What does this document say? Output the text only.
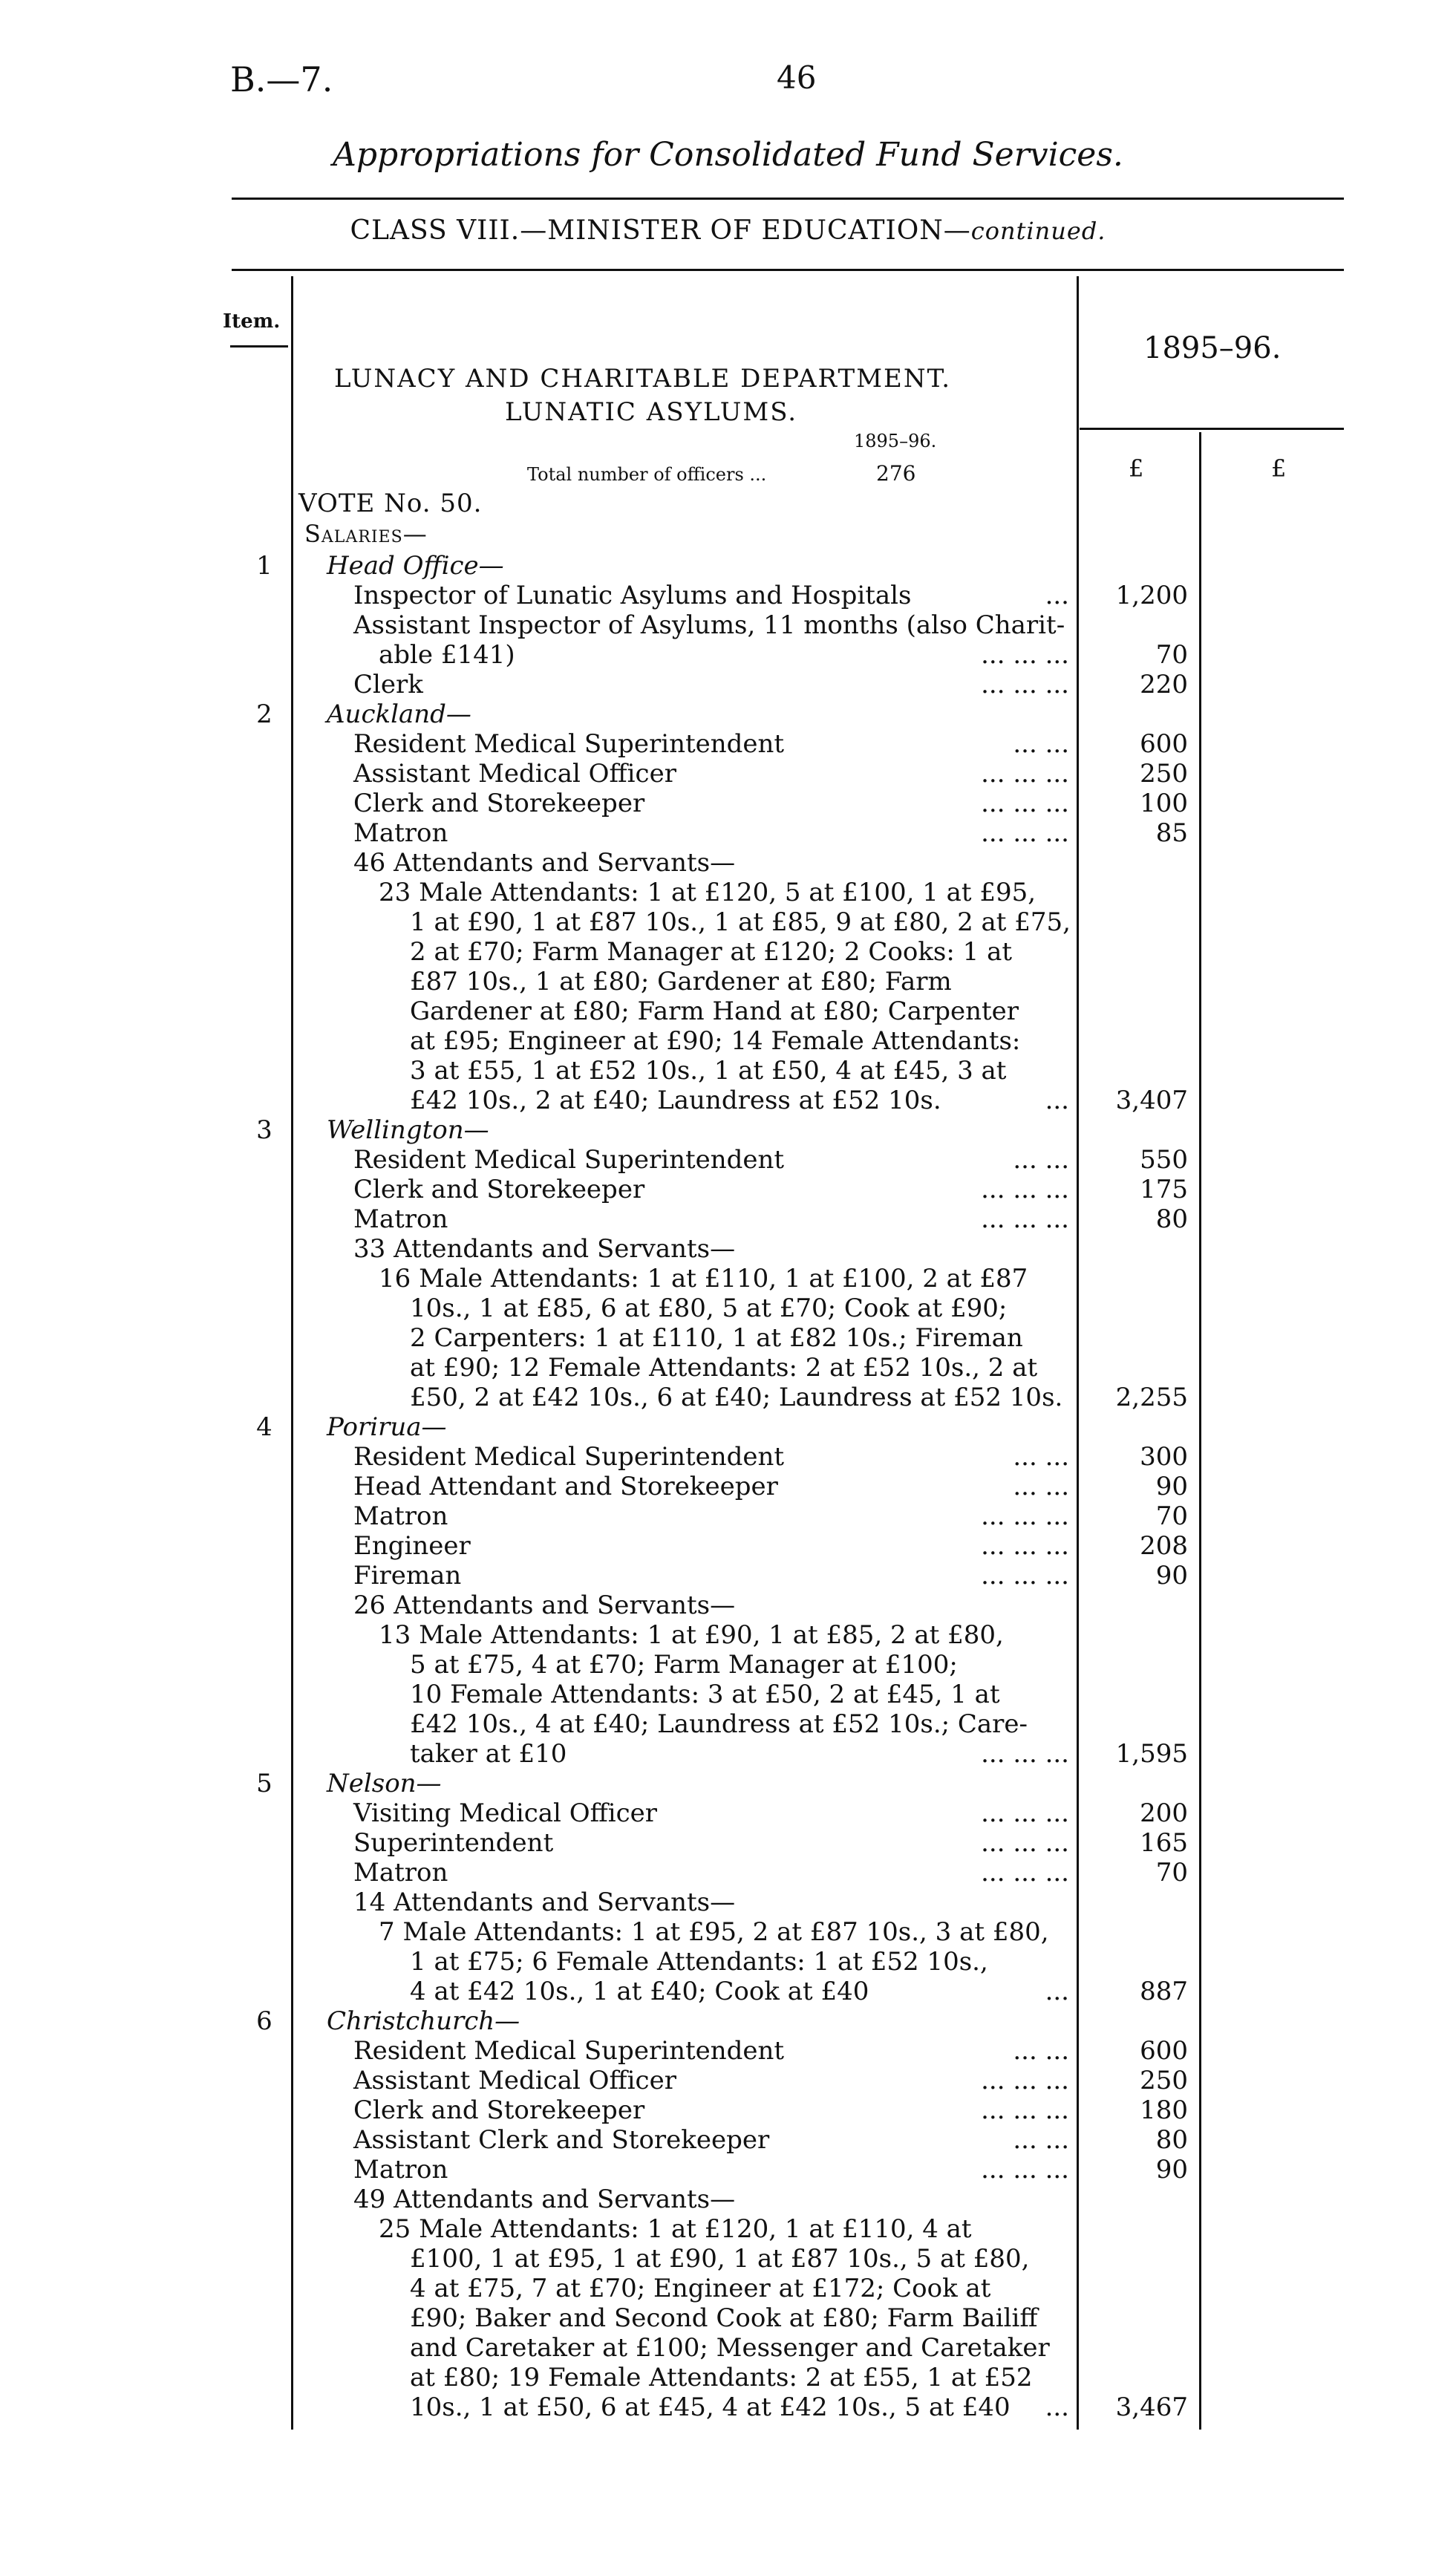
B.—7.	46
Appropriations for Consolidated Fund Services.
CLASS VIII.—MINISTER OF EDUCATION—continued.
Item.
1895–96.
£	£
LUNACY AND CHARITABLE DEPARTMENT.
LUNATIC ASYLUMS.
1895–96.
Total number of officers ...	276
VOTE No. 50.
Salaries—
1 Head Office—
Inspector of Lunatic Asylums and Hospitals	...	1,200
Assistant Inspector of Asylums, 11 months (also Charit-
able £141)	... ... ...	70
Clerk	... ... ...	220
2 Auckland—
Resident Medical Superintendent	... ...	600
Assistant Medical Officer	... ... ...	250
Clerk and Storekeeper	... ... ...	100
Matron	... ... ...	85
46 Attendants and Servants—
23 Male Attendants: 1 at £120, 5 at £100, 1 at £95,
1 at £90, 1 at £87 10s., 1 at £85, 9 at £80, 2 at £75,
2 at £70; Farm Manager at £120; 2 Cooks: 1 at
£87 10s., 1 at £80; Gardener at £80; Farm
Gardener at £80; Farm Hand at £80; Carpenter
at £95; Engineer at £90; 14 Female Attendants:
3 at £55, 1 at £52 10s., 1 at £50, 4 at £45, 3 at
£42 10s., 2 at £40; Laundress at £52 10s.	...	3,407
3 Wellington—
Resident Medical Superintendent	... ...	550
Clerk and Storekeeper	... ... ...	175
Matron	... ... ...	80
33 Attendants and Servants—
16 Male Attendants: 1 at £110, 1 at £100, 2 at £87
10s., 1 at £85, 6 at £80, 5 at £70; Cook at £90;
2 Carpenters: 1 at £110, 1 at £82 10s.; Fireman
at £90; 12 Female Attendants: 2 at £52 10s., 2 at
£50, 2 at £42 10s., 6 at £40; Laundress at £52 10s.	2,255
4 Porirua—
Resident Medical Superintendent	... ...	300
Head Attendant and Storekeeper	... ...	90
Matron	... ... ...	70
Engineer	... ... ...	208
Fireman	... ... ...	90
26 Attendants and Servants—
13 Male Attendants: 1 at £90, 1 at £85, 2 at £80,
5 at £75, 4 at £70; Farm Manager at £100;
10 Female Attendants: 3 at £50, 2 at £45, 1 at
£42 10s., 4 at £40; Laundress at £52 10s.; Care-
taker at £10	... ... ...	1,595
5 Nelson—
Visiting Medical Officer	... ... ...	200
Superintendent	... ... ...	165
Matron	... ... ...	70
14 Attendants and Servants—
7 Male Attendants: 1 at £95, 2 at £87 10s., 3 at £80,
1 at £75; 6 Female Attendants: 1 at £52 10s.,
4 at £42 10s., 1 at £40; Cook at £40	...	887
6 Christchurch—
Resident Medical Superintendent	... ...	600
Assistant Medical Officer	... ... ...	250
Clerk and Storekeeper	... ... ...	180
Assistant Clerk and Storekeeper	... ...	80
Matron	... ... ...	90
49 Attendants and Servants—
25 Male Attendants: 1 at £120, 1 at £110, 4 at
£100, 1 at £95, 1 at £90, 1 at £87 10s., 5 at £80,
4 at £75, 7 at £70; Engineer at £172; Cook at
£90; Baker and Second Cook at £80; Farm Bailiff
and Caretaker at £100; Messenger and Caretaker
at £80; 19 Female Attendants: 2 at £55, 1 at £52
10s., 1 at £50, 6 at £45, 4 at £42 10s., 5 at £40 ...	3,467
